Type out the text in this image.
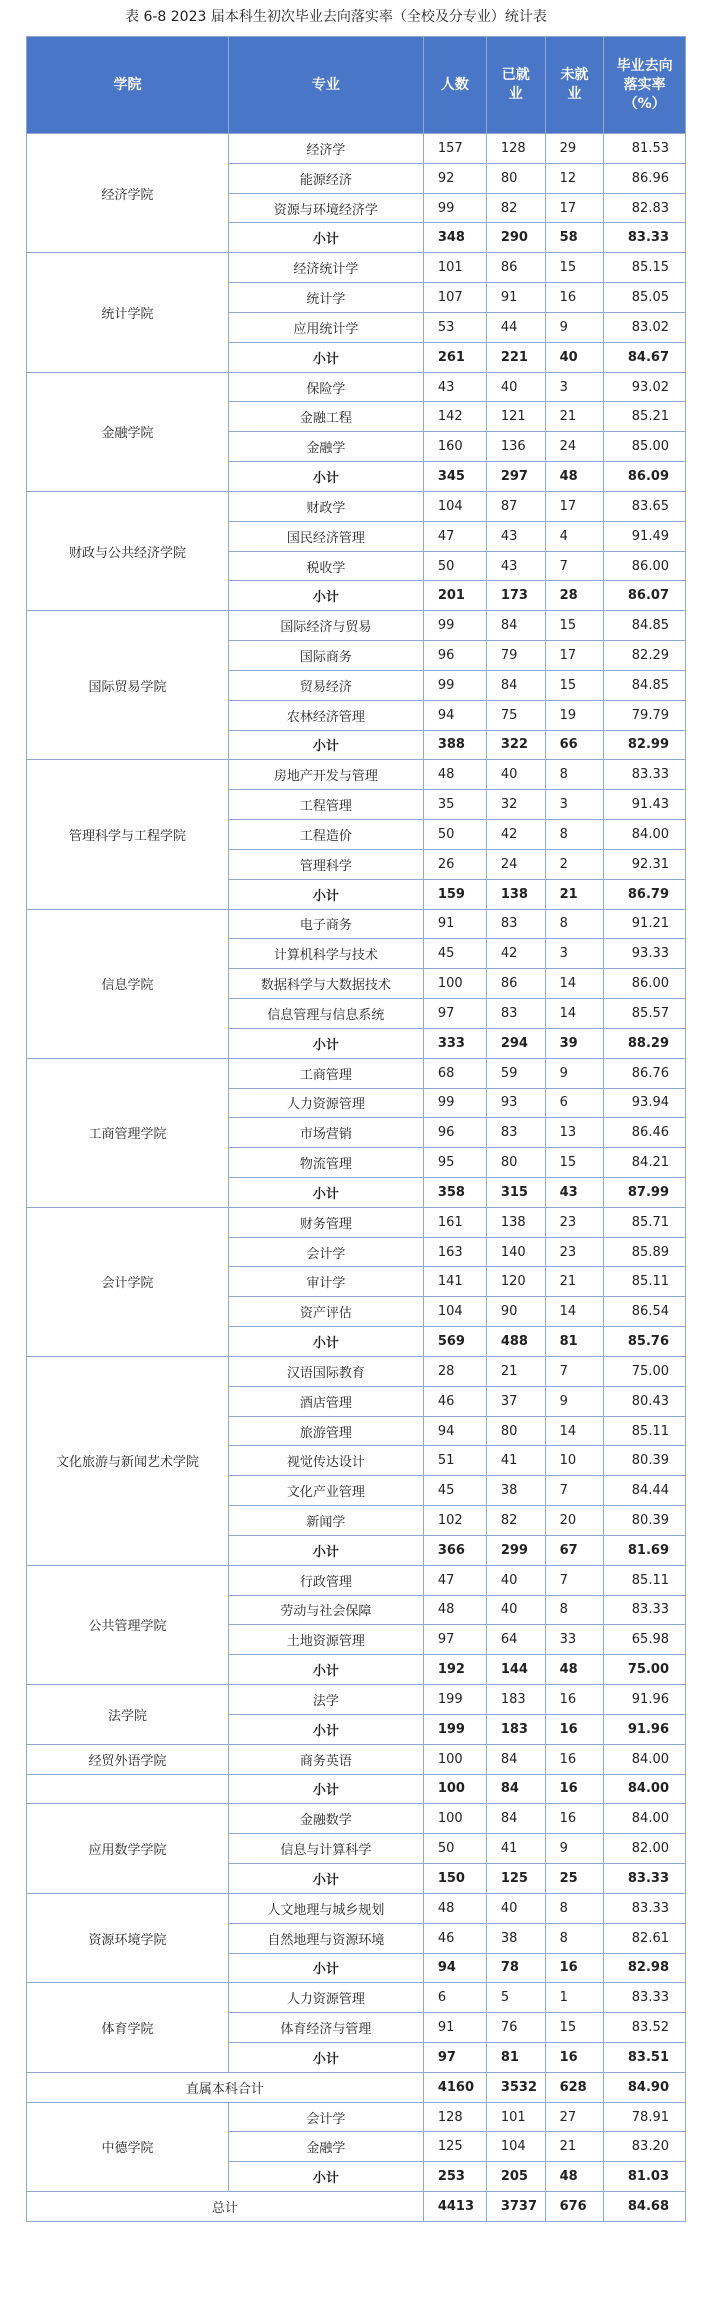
表 6-8 2023 届本科生初次毕业去向落实率（全校及分专业）统计表
学院	专业	人数	已就业	未就业	毕业去向落实率（%）
经济学院	经济学	157	128	29	81.53
	能源经济	92	80	12	86.96
	资源与环境经济学	99	82	17	82.83
	小计	348	290	58	83.33
统计学院	经济统计学	101	86	15	85.15
	统计学	107	91	16	85.05
	应用统计学	53	44	9	83.02
	小计	261	221	40	84.67
金融学院	保险学	43	40	3	93.02
	金融工程	142	121	21	85.21
	金融学	160	136	24	85.00
	小计	345	297	48	86.09
财政与公共经济学院	财政学	104	87	17	83.65
	国民经济管理	47	43	4	91.49
	税收学	50	43	7	86.00
	小计	201	173	28	86.07
国际贸易学院	国际经济与贸易	99	84	15	84.85
	国际商务	96	79	17	82.29
	贸易经济	99	84	15	84.85
	农林经济管理	94	75	19	79.79
	小计	388	322	66	82.99
管理科学与工程学院	房地产开发与管理	48	40	8	83.33
	工程管理	35	32	3	91.43
	工程造价	50	42	8	84.00
	管理科学	26	24	2	92.31
	小计	159	138	21	86.79
信息学院	电子商务	91	83	8	91.21
	计算机科学与技术	45	42	3	93.33
	数据科学与大数据技术	100	86	14	86.00
	信息管理与信息系统	97	83	14	85.57
	小计	333	294	39	88.29
工商管理学院	工商管理	68	59	9	86.76
	人力资源管理	99	93	6	93.94
	市场营销	96	83	13	86.46
	物流管理	95	80	15	84.21
	小计	358	315	43	87.99
会计学院	财务管理	161	138	23	85.71
	会计学	163	140	23	85.89
	审计学	141	120	21	85.11
	资产评估	104	90	14	86.54
	小计	569	488	81	85.76
文化旅游与新闻艺术学院	汉语国际教育	28	21	7	75.00
	酒店管理	46	37	9	80.43
	旅游管理	94	80	14	85.11
	视觉传达设计	51	41	10	80.39
	文化产业管理	45	38	7	84.44
	新闻学	102	82	20	80.39
	小计	366	299	67	81.69
公共管理学院	行政管理	47	40	7	85.11
	劳动与社会保障	48	40	8	83.33
	土地资源管理	97	64	33	65.98
	小计	192	144	48	75.00
法学院	法学	199	183	16	91.96
	小计	199	183	16	91.96
经贸外语学院	商务英语	100	84	16	84.00
	小计	100	84	16	84.00
应用数学学院	金融数学	100	84	16	84.00
	信息与计算科学	50	41	9	82.00
	小计	150	125	25	83.33
资源环境学院	人文地理与城乡规划	48	40	8	83.33
	自然地理与资源环境	46	38	8	82.61
	小计	94	78	16	82.98
体育学院	人力资源管理	6	5	1	83.33
	体育经济与管理	91	76	15	83.52
	小计	97	81	16	83.51
直属本科合计		4160	3532	628	84.90
中德学院	会计学	128	101	27	78.91
	金融学	125	104	21	83.20
	小计	253	205	48	81.03
总计		4413	3737	676	84.68
